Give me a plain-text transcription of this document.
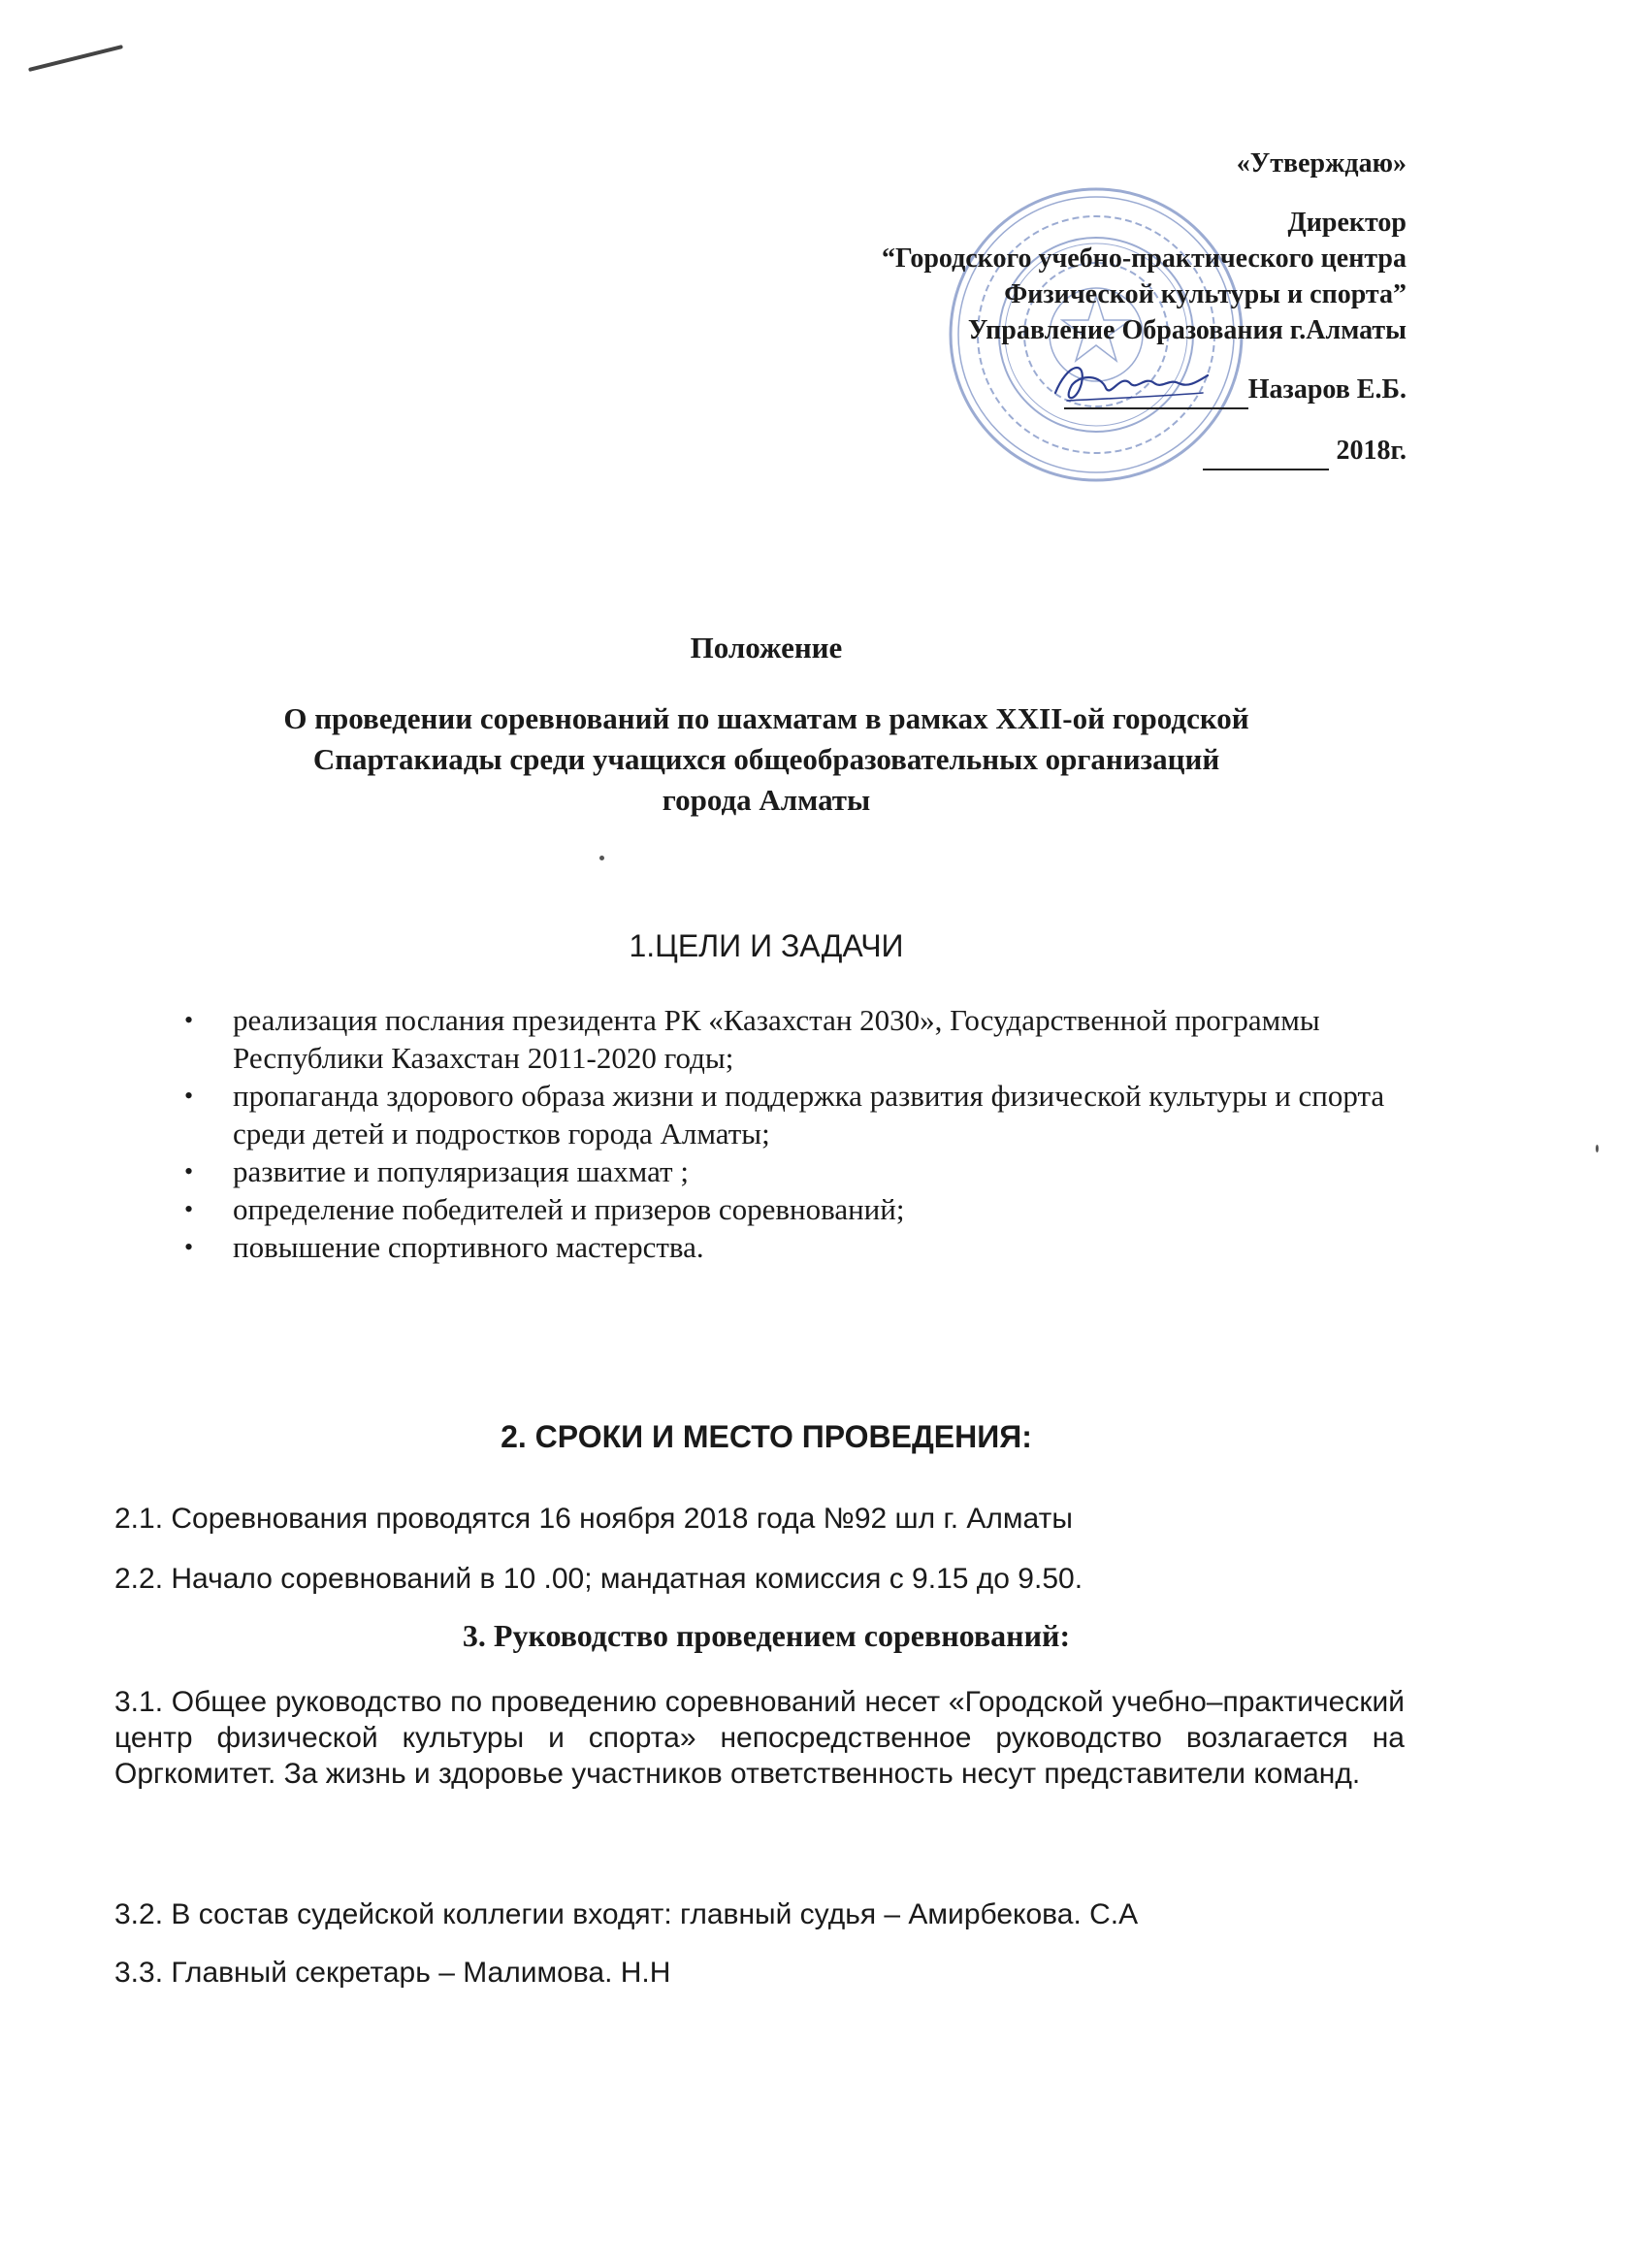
«Утверждаю»
Директор
“Городского учебно-практического центра
Физической культуры и спорта”
Управление Образования г.Алматы
Назаров Е.Б.
2018г.
Положение
О проведении соревнований по шахматам в рамках XXII-ой городской
Спартакиады среди учащихся общеобразовательных организаций
города Алматы
1.ЦЕЛИ И ЗАДАЧИ
• реализация послания президента РК «Казахстан 2030», Государственной программы Республики Казахстан 2011-2020 годы;
• пропаганда здорового образа жизни и поддержка развития физической культуры и спорта среди детей и подростков города Алматы;
• развитие и популяризация шахмат ;
• определение победителей и призеров соревнований;
• повышение спортивного мастерства.
2. СРОКИ И МЕСТО ПРОВЕДЕНИЯ:
2.1. Соревнования проводятся 16 ноября 2018 года №92 шл г. Алматы
2.2. Начало соревнований в 10 .00; мандатная комиссия с 9.15 до 9.50.
3. Руководство проведением соревнований:
3.1. Общее руководство по проведению соревнований несет «Городской учебно–практический центр физической культуры и спорта» непосредственное руководство возлагается на Оргкомитет. За жизнь и здоровье участников ответственность несут представители команд.
3.2. В состав судейской коллегии входят: главный судья – Амирбекова. С.А
3.3. Главный секретарь – Малимова. Н.Н
